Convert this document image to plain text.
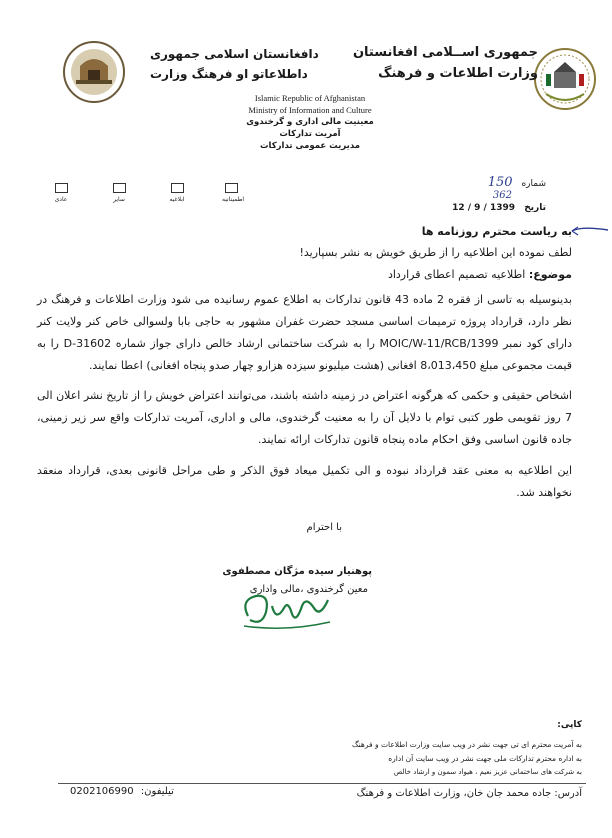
جمهوری اســلامی افغانستان
وزارت اطلاعات و فرهنگ
دافغانستان اسلامی جمهوری
داطلاعاتو او فرهنگ وزارت
Islamic Republic of Afghanistan
Ministry of Information and Culture
معینیت مالی اداری و گرخندوی
آمریت تدارکات
مدیریت عمومی تدارکات
عادی	سایر	ابلاغیه	اطمینانیه
شماره 150
362
تاریخ 1399 / 9 / 12
به ریاست محترم روزنامه ها
لطف نموده این اطلاعیه را از طریق خویش به نشر بسپارید!
موضوع: اطلاعیه تصمیم اعطای قرارداد
بدینوسیله به تاسی از فقره 2 ماده 43 قانون تدارکات به اطلاع عموم رسانیده می شود وزارت اطلاعات و فرهنگ در نظر دارد، قرارداد پروژه ترمیمات اساسی مسجد حضرت غفران مشهور به حاجی بابا ولسوالی خاص کنر ولایت کنر دارای کود نمبر MOIC/W-11/RCB/1399 را به شرکت ساختمانی ارشاد خالص دارای جواز شماره D-31602 را به قیمت مجموعی مبلغ 8،013،450 افغانی (هشت میلیونو سیزده هزارو چهار صدو پنجاه افغانی) اعطا نمایند.
اشخاص حقیقی و حکمی که هرگونه اعتراض در زمینه داشته باشند، می‌توانند اعتراض خویش را از تاریخ نشر اعلان الی 7 روز تقویمی طور کتبی توام با دلایل آن را به معنیت گرخندوی، مالی و اداری، آمریت تدارکات واقع سر زیر زمینی، جاده قانون اساسی وفق احکام ماده پنجاه قانون تدارکات ارائه نمایند.
این اطلاعیه به معنی عقد قرارداد نبوده و الی تکمیل میعاد فوق الذکر و طی مراحل قانونی بعدی، قرارداد منعقد نخواهند شد.
با احترام
پوهنیار سیده مژگان مصطفوی
معین گرخندوی ،مالی واداری
کاپی:
به آمریت محترم ای تی جهت نشر در ویب سایت وزارت اطلاعات و فرهنگ
به اداره محترم تدارکات ملی جهت نشر در ویب سایت آن اداره
به شرکت های ساختمانی عزیز نعیم ، هیواد سمون و ارشاد خالص
آدرس: جاده محمد جان خان، وزارت اطلاعات و فرهنگ
تیلیفون: 0202106990
